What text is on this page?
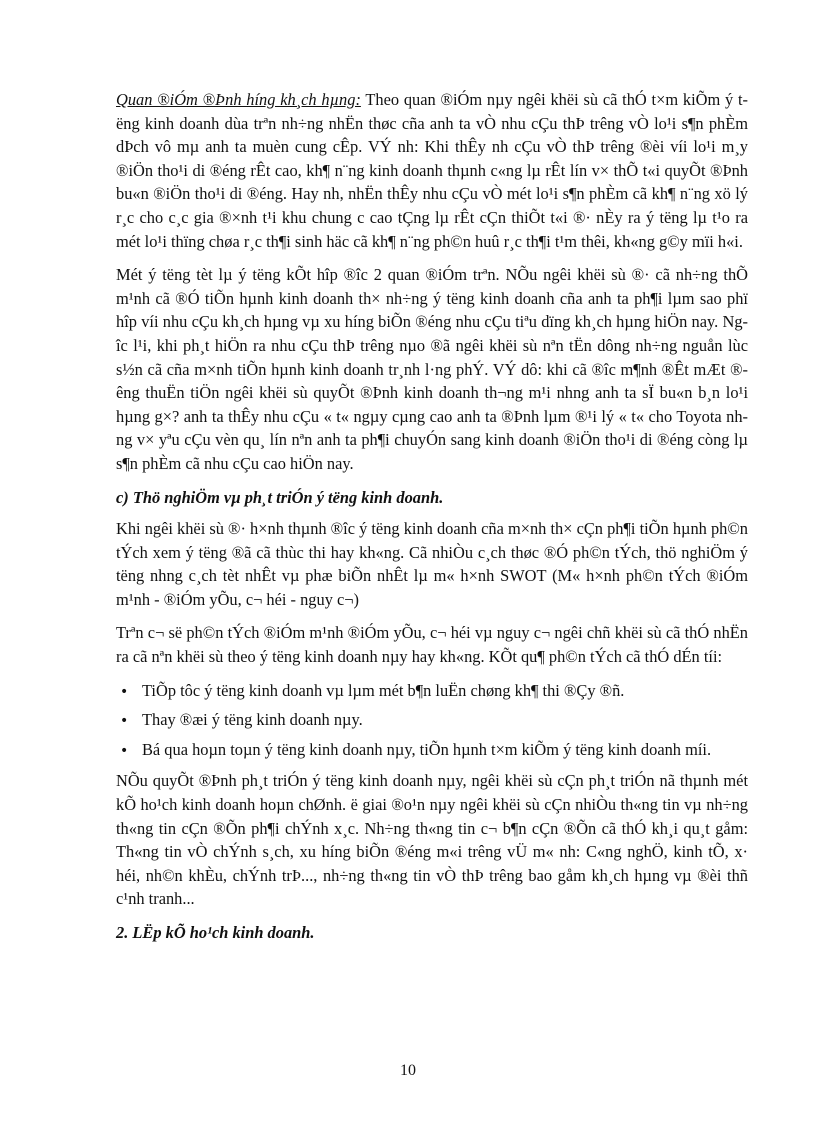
Quan ®iÓm ®Þnh híng kh¸ch hµng: Theo quan ®iÓm nµy ngêi khëi sù cã thÓ t×m kiÕm ý tëng kinh doanh dùa trªn nh÷ng nhËn thøc cña anh ta vÒ nhu cÇu thÞ trêng vÒ lo¹i s¶n phÈm dÞch vô mµ anh ta muèn cung cÊp. VÝ nh: Khi thÊy nh cÇu vÒ thÞ trêng ®èi víi lo¹i m¸y ®iÖn tho¹i di ®éng rÊt cao, kh¶ n¨ng kinh doanh thµnh c«ng lµ rÊt lín v× thÕ t«i quyÕt ®Þnh bu«n ®iÖn tho¹i di ®éng. Hay nh, nhËn thÊy nhu cÇu vÒ mét lo¹i s¶n phÈm cã kh¶ n¨ng xö lý r¸c cho c¸c gia ®×nh t¹i khu chung c cao tÇng lµ rÊt cÇn thiÕt t«i ®· nÈy ra ý tëng lµ t¹o ra mét lo¹i thïng chøa r¸c th¶i sinh häc cã kh¶ n¨ng ph©n huû r¸c th¶i t¹m thêi, kh«ng g©y mïi h«i.

Mét ý tëng tèt lµ ý tëng kÕt hîp ®îc 2 quan ®iÓm trªn. NÕu ngêi khëi sù ®· cã nh÷ng thÕ m¹nh cã ®Ó tiÕn hµnh kinh doanh th× nh÷ng ý tëng kinh doanh cña anh ta ph¶i lµm sao phï hîp víi nhu cÇu kh¸ch hµng vµ xu híng biÕn ®éng nhu cÇu tiªu dïng kh¸ch hµng hiÖn nay. Ngîc l¹i, khi ph¸t hiÖn ra nhu cÇu thÞ trêng nµo ®ã ngêi khëi sù nªn tËn dông nh÷ng nguån lùc s½n cã cña m×nh tiÕn hµnh kinh doanh tr¸nh l·ng phÝ. VÝ dô: khi cã ®îc m¶nh ®Êt mÆt ®êng thuËn tiÖn ngêi khëi sù quyÕt ®Þnh kinh doanh th¬ng m¹i nhng anh ta sÏ bu«n b¸n lo¹i hµng g×? anh ta thÊy nhu cÇu « t« ngµy cµng cao anh ta ®Þnh lµm ®¹i lý « t« cho Toyota nhng v× yªu cÇu vèn qu¸ lín nªn anh ta ph¶i chuyÓn sang kinh doanh ®iÖn tho¹i di ®éng còng lµ s¶n phÈm cã nhu cÇu cao hiÖn nay.

c) Thö nghiÖm vµ ph¸t triÓn ý tëng kinh doanh.

Khi ngêi khëi sù ®· h×nh thµnh ®îc ý tëng kinh doanh cña m×nh th× cÇn ph¶i tiÕn hµnh ph©n tÝch xem ý tëng ®ã cã thùc thi hay kh«ng. Cã nhiÒu c¸ch thøc ®Ó ph©n tÝch, thö nghiÖm ý tëng nhng c¸ch tèt nhÊt vµ phæ biÕn nhÊt lµ m« h×nh SWOT (M« h×nh ph©n tÝch ®iÓm m¹nh - ®iÓm yÕu, c¬ héi - nguy c¬)

Trªn c¬ së ph©n tÝch ®iÓm m¹nh ®iÓm yÕu, c¬ héi vµ nguy c¬ ngêi chñ khëi sù cã thÓ nhËn ra cã nªn khëi sù theo ý tëng kinh doanh nµy hay kh«ng. KÕt qu¶ ph©n tÝch cã thÓ dÉn tíi:

• TiÕp tôc ý tëng kinh doanh vµ lµm mét b¶n luËn chøng kh¶ thi ®Çy ®ñ.
• Thay ®æi ý tëng kinh doanh nµy.
• Bá qua hoµn toµn ý tëng kinh doanh nµy, tiÕn hµnh t×m kiÕm ý tëng kinh doanh míi.

NÕu quyÕt ®Þnh ph¸t triÓn ý tëng kinh doanh nµy, ngêi khëi sù cÇn ph¸t triÓn nã thµnh mét kÕ ho¹ch kinh doanh hoµn chØnh. ë giai ®o¹n nµy ngêi khëi sù cÇn nhiÒu th«ng tin vµ nh÷ng th«ng tin cÇn ®Õn ph¶i chÝnh x¸c. Nh÷ng th«ng tin c¬ b¶n cÇn ®Õn cã thÓ kh¸i qu¸t gåm: Th«ng tin vÒ chÝnh s¸ch, xu híng biÕn ®éng m«i trêng vÜ m« nh: C«ng nghÖ, kinh tÕ, x· héi, nh©n khÈu, chÝnh trÞ..., nh÷ng th«ng tin vÒ thÞ trêng bao gåm kh¸ch hµng vµ ®èi thñ c¹nh tranh...

2. LËp kÕ ho¹ch kinh doanh.

10
